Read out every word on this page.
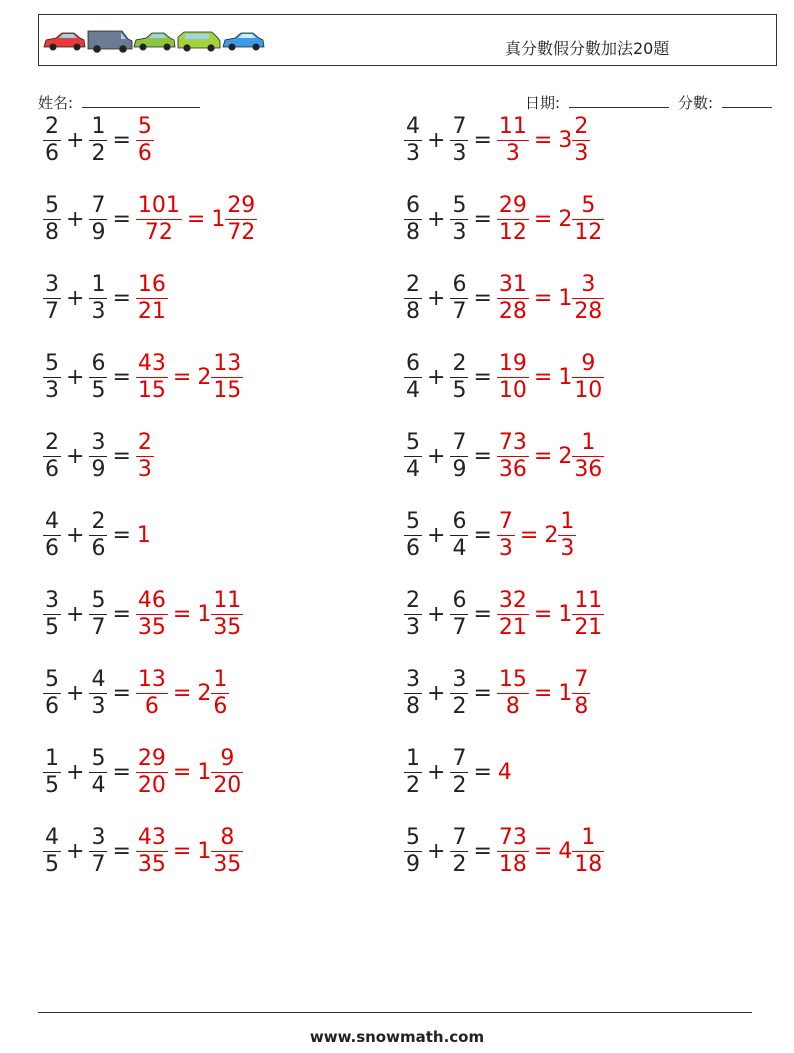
真分數假分數加法20題
姓名:	日期:	分數:
$\frac{2}{6} + \frac{1}{2} = \frac{5}{6}$	$\frac{4}{3} + \frac{7}{3} = \frac{11}{3} = 3 \frac{2}{3}$
$\frac{5}{8} + \frac{7}{9} = \frac{101}{72} = 1 \frac{29}{72}$	$\frac{6}{8} + \frac{5}{3} = \frac{29}{12} = 2 \frac{5}{12}$
$\frac{3}{7} + \frac{1}{3} = \frac{16}{21}$	$\frac{2}{8} + \frac{6}{7} = \frac{31}{28} = 1 \frac{3}{28}$
$\frac{5}{3} + \frac{6}{5} = \frac{43}{15} = 2 \frac{13}{15}$	$\frac{6}{4} + \frac{2}{5} = \frac{19}{10} = 1 \frac{9}{10}$
$\frac{2}{6} + \frac{3}{9} = \frac{2}{3}$	$\frac{5}{4} + \frac{7}{9} = \frac{73}{36} = 2 \frac{1}{36}$
$\frac{4}{6} + \frac{2}{6} = 1$	$\frac{5}{6} + \frac{6}{4} = \frac{7}{3} = 2 \frac{1}{3}$
$\frac{3}{5} + \frac{5}{7} = \frac{46}{35} = 1 \frac{11}{35}$	$\frac{2}{3} + \frac{6}{7} = \frac{32}{21} = 1 \frac{11}{21}$
$\frac{5}{6} + \frac{4}{3} = \frac{13}{6} = 2 \frac{1}{6}$	$\frac{3}{8} + \frac{3}{2} = \frac{15}{8} = 1 \frac{7}{8}$
$\frac{1}{5} + \frac{5}{4} = \frac{29}{20} = 1 \frac{9}{20}$	$\frac{1}{2} + \frac{7}{2} = 4$
$\frac{4}{5} + \frac{3}{7} = \frac{43}{35} = 1 \frac{8}{35}$	$\frac{5}{9} + \frac{7}{2} = \frac{73}{18} = 4 \frac{1}{18}$
www.snowmath.com
